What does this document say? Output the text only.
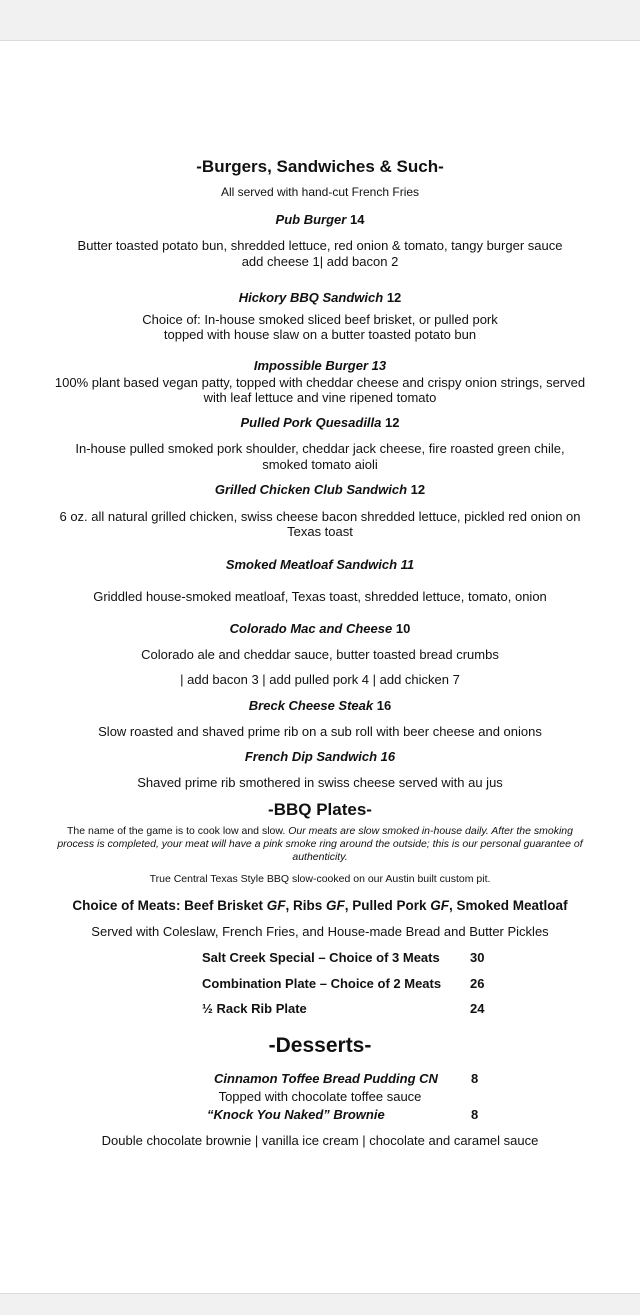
-Burgers, Sandwiches & Such-
All served with hand-cut French Fries
Pub Burger 14
Butter toasted potato bun, shredded lettuce, red onion & tomato, tangy burger sauce
add cheese 1| add bacon 2
Hickory BBQ Sandwich 12
Choice of: In-house smoked sliced beef brisket, or pulled pork
topped with house slaw on a butter toasted potato bun
Impossible Burger 13
100% plant based vegan patty, topped with cheddar cheese and crispy onion strings, served
with leaf lettuce and vine ripened tomato
Pulled Pork Quesadilla 12
In-house pulled smoked pork shoulder, cheddar jack cheese, fire roasted green chile,
smoked tomato aioli
Grilled Chicken Club Sandwich 12
6 oz. all natural grilled chicken, swiss cheese bacon shredded lettuce, pickled red onion on
Texas toast
Smoked Meatloaf Sandwich 11
Griddled house-smoked meatloaf, Texas toast, shredded lettuce, tomato, onion
Colorado Mac and Cheese 10
Colorado ale and cheddar sauce, butter toasted bread crumbs
| add bacon 3 | add pulled pork 4 | add chicken 7
Breck Cheese Steak 16
Slow roasted and shaved prime rib on a sub roll with beer cheese and onions
French Dip Sandwich 16
Shaved prime rib smothered in swiss cheese served with au jus
-BBQ Plates-
The name of the game is to cook low and slow. Our meats are slow smoked in-house daily. After the smoking
process is completed, your meat will have a pink smoke ring around the outside; this is our personal guarantee of
authenticity.
True Central Texas Style BBQ slow-cooked on our Austin built custom pit.
Choice of Meats: Beef Brisket GF, Ribs GF, Pulled Pork GF, Smoked Meatloaf
Served with Coleslaw, French Fries, and House-made Bread and Butter Pickles
Salt Creek Special – Choice of 3 Meats 30
Combination Plate – Choice of 2 Meats 26
½ Rack Rib Plate	24
-Desserts-
Cinnamon Toffee Bread Pudding CN	8
Topped with chocolate toffee sauce
“Knock You Naked” Brownie	8
Double chocolate brownie | vanilla ice cream | chocolate and caramel sauce
